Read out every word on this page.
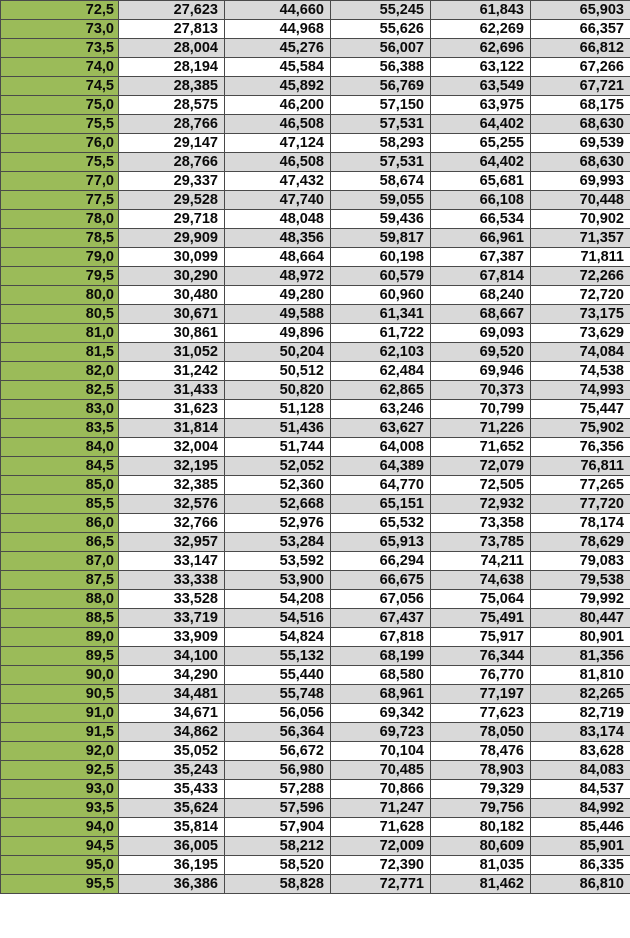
72,5	27,623	44,660	55,245	61,843	65,903
73,0	27,813	44,968	55,626	62,269	66,357
73,5	28,004	45,276	56,007	62,696	66,812
74,0	28,194	45,584	56,388	63,122	67,266
74,5	28,385	45,892	56,769	63,549	67,721
75,0	28,575	46,200	57,150	63,975	68,175
75,5	28,766	46,508	57,531	64,402	68,630
76,0	29,147	47,124	58,293	65,255	69,539
75,5	28,766	46,508	57,531	64,402	68,630
77,0	29,337	47,432	58,674	65,681	69,993
77,5	29,528	47,740	59,055	66,108	70,448
78,0	29,718	48,048	59,436	66,534	70,902
78,5	29,909	48,356	59,817	66,961	71,357
79,0	30,099	48,664	60,198	67,387	71,811
79,5	30,290	48,972	60,579	67,814	72,266
80,0	30,480	49,280	60,960	68,240	72,720
80,5	30,671	49,588	61,341	68,667	73,175
81,0	30,861	49,896	61,722	69,093	73,629
81,5	31,052	50,204	62,103	69,520	74,084
82,0	31,242	50,512	62,484	69,946	74,538
82,5	31,433	50,820	62,865	70,373	74,993
83,0	31,623	51,128	63,246	70,799	75,447
83,5	31,814	51,436	63,627	71,226	75,902
84,0	32,004	51,744	64,008	71,652	76,356
84,5	32,195	52,052	64,389	72,079	76,811
85,0	32,385	52,360	64,770	72,505	77,265
85,5	32,576	52,668	65,151	72,932	77,720
86,0	32,766	52,976	65,532	73,358	78,174
86,5	32,957	53,284	65,913	73,785	78,629
87,0	33,147	53,592	66,294	74,211	79,083
87,5	33,338	53,900	66,675	74,638	79,538
88,0	33,528	54,208	67,056	75,064	79,992
88,5	33,719	54,516	67,437	75,491	80,447
89,0	33,909	54,824	67,818	75,917	80,901
89,5	34,100	55,132	68,199	76,344	81,356
90,0	34,290	55,440	68,580	76,770	81,810
90,5	34,481	55,748	68,961	77,197	82,265
91,0	34,671	56,056	69,342	77,623	82,719
91,5	34,862	56,364	69,723	78,050	83,174
92,0	35,052	56,672	70,104	78,476	83,628
92,5	35,243	56,980	70,485	78,903	84,083
93,0	35,433	57,288	70,866	79,329	84,537
93,5	35,624	57,596	71,247	79,756	84,992
94,0	35,814	57,904	71,628	80,182	85,446
94,5	36,005	58,212	72,009	80,609	85,901
95,0	36,195	58,520	72,390	81,035	86,335
95,5	36,386	58,828	72,771	81,462	86,810
